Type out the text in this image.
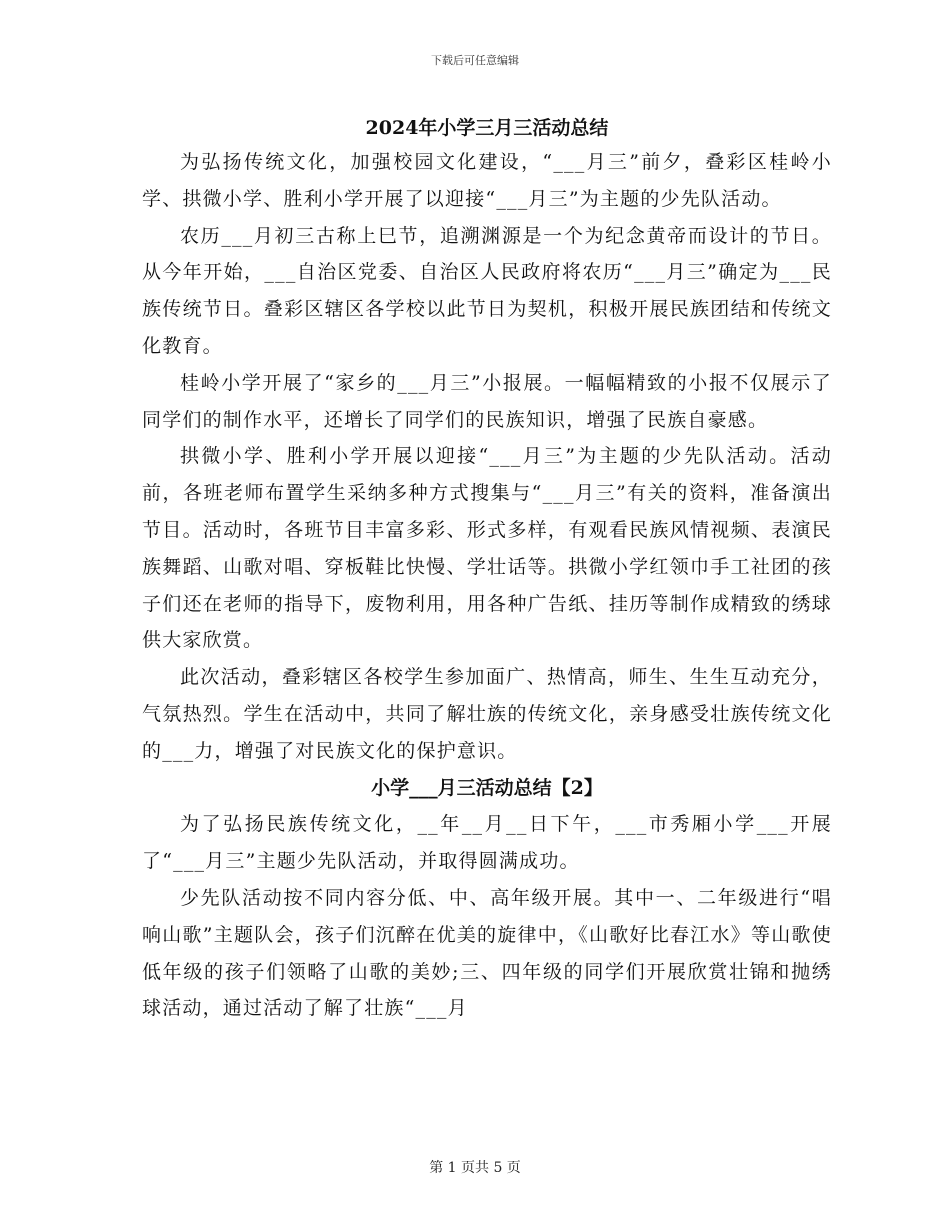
下载后可任意编辑
2024年小学三月三活动总结

为弘扬传统文化，加强校园文化建设，“___月三”前夕，叠彩区桂岭小学、拱微小学、胜利小学开展了以迎接“___月三”为主题的少先队活动。

农历___月初三古称上巳节，追溯渊源是一个为纪念黄帝而设计的节日。从今年开始，___自治区党委、自治区人民政府将农历“___月三”确定为___民族传统节日。叠彩区辖区各学校以此节日为契机，积极开展民族团结和传统文化教育。

桂岭小学开展了“家乡的___月三”小报展。一幅幅精致的小报不仅展示了同学们的制作水平，还增长了同学们的民族知识，增强了民族自豪感。

拱微小学、胜利小学开展以迎接“___月三”为主题的少先队活动。活动前，各班老师布置学生采纳多种方式搜集与“___月三”有关的资料，准备演出节目。活动时，各班节目丰富多彩、形式多样，有观看民族风情视频、表演民族舞蹈、山歌对唱、穿板鞋比快慢、学壮话等。拱微小学红领巾手工社团的孩子们还在老师的指导下，废物利用，用各种广告纸、挂历等制作成精致的绣球供大家欣赏。

此次活动，叠彩辖区各校学生参加面广、热情高，师生、生生互动充分，气氛热烈。学生在活动中，共同了解壮族的传统文化，亲身感受壮族传统文化的___力，增强了对民族文化的保护意识。

小学___月三活动总结【2】

为了弘扬民族传统文化，__年__月__日下午，___市秀厢小学___开展了“___月三”主题少先队活动，并取得圆满成功。

少先队活动按不同内容分低、中、高年级开展。其中一、二年级进行“唱响山歌”主题队会，孩子们沉醉在优美的旋律中，《山歌好比春江水》等山歌使低年级的孩子们领略了山歌的美妙;三、四年级的同学们开展欣赏壮锦和抛绣球活动，通过活动了解了壮族“___月

第 1 页共 5 页
